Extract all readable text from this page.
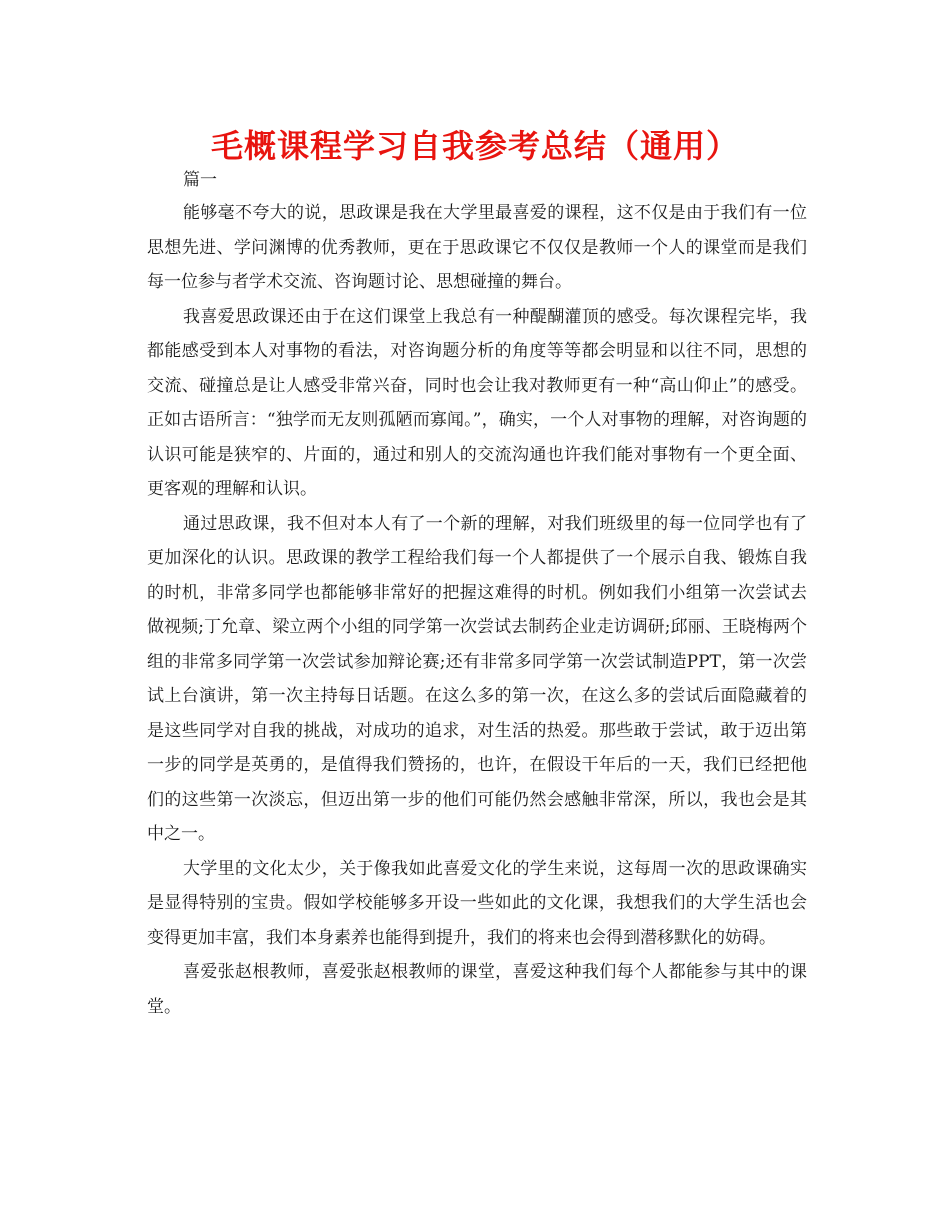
毛概课程学习自我参考总结（通用）
篇一

能够毫不夸大的说，思政课是我在大学里最喜爱的课程，这不仅是由于我们有一位思想先进、学问渊博的优秀教师，更在于思政课它不仅仅是教师一个人的课堂而是我们每一位参与者学术交流、咨询题讨论、思想碰撞的舞台。

我喜爱思政课还由于在这们课堂上我总有一种醍醐灌顶的感受。每次课程完毕，我都能感受到本人对事物的看法，对咨询题分析的角度等等都会明显和以往不同，思想的交流、碰撞总是让人感受非常兴奋，同时也会让我对教师更有一种“高山仰止”的感受。正如古语所言：“独学而无友则孤陋而寡闻。”，确实，一个人对事物的理解，对咨询题的认识可能是狭窄的、片面的，通过和别人的交流沟通也许我们能对事物有一个更全面、更客观的理解和认识。

通过思政课，我不但对本人有了一个新的理解，对我们班级里的每一位同学也有了更加深化的认识。思政课的教学工程给我们每一个人都提供了一个展示自我、锻炼自我的时机，非常多同学也都能够非常好的把握这难得的时机。例如我们小组第一次尝试去做视频;丁允章、梁立两个小组的同学第一次尝试去制药企业走访调研;邱丽、王晓梅两个组的非常多同学第一次尝试参加辩论赛;还有非常多同学第一次尝试制造PPT，第一次尝试上台演讲，第一次主持每日话题。在这么多的第一次，在这么多的尝试后面隐藏着的是这些同学对自我的挑战，对成功的追求，对生活的热爱。那些敢于尝试，敢于迈出第一步的同学是英勇的，是值得我们赞扬的，也许，在假设干年后的一天，我们已经把他们的这些第一次淡忘，但迈出第一步的他们可能仍然会感触非常深，所以，我也会是其中之一。

大学里的文化太少，关于像我如此喜爱文化的学生来说，这每周一次的思政课确实是显得特别的宝贵。假如学校能够多开设一些如此的文化课，我想我们的大学生活也会变得更加丰富，我们本身素养也能得到提升，我们的将来也会得到潜移默化的妨碍。

喜爱张赵根教师，喜爱张赵根教师的课堂，喜爱这种我们每个人都能参与其中的课堂。
